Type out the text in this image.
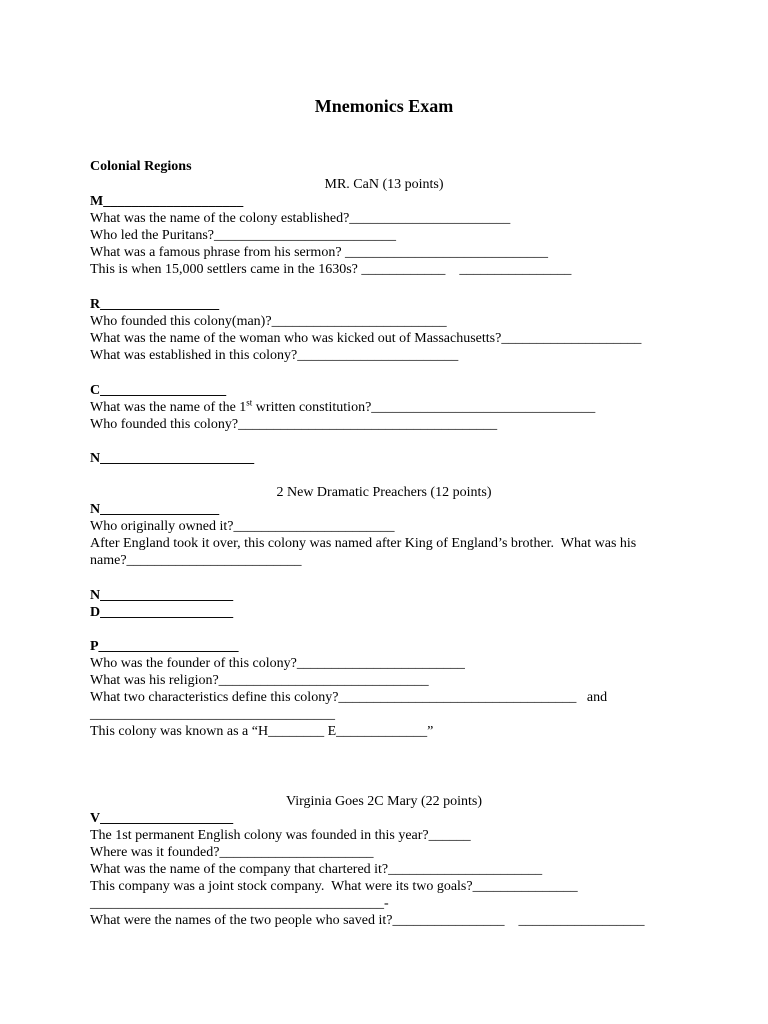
Mnemonics Exam

Colonial Regions

MR. CaN (13 points)

M____________________

What was the name of the colony established?_______________________

Who led the Puritans?__________________________

What was a famous phrase from his sermon? _____________________________

This is when 15,000 settlers came in the 1630s? ____________    ________________

R_________________

Who founded this colony(man)?_________________________

What was the name of the woman who was kicked out of Massachusetts?____________________

What was established in this colony?_______________________

C__________________

What was the name of the 1st written constitution?________________________________

Who founded this colony?_____________________________________

N______________________

2 New Dramatic Preachers (12 points)

N_________________

Who originally owned it?_______________________

After England took it over, this colony was named after King of England’s brother.  What was his

name?_________________________

N___________________

D___________________

P____________________

Who was the founder of this colony?________________________

What was his religion?______________________________

What two characteristics define this colony?__________________________________   and

___________________________________

This colony was known as a “H________ E_____________”

Virginia Goes 2C Mary (22 points)

V___________________

The 1st permanent English colony was founded in this year?______

Where was it founded?______________________

What was the name of the company that chartered it?______________________

This company was a joint stock company.  What were its two goals?_______________

__________________________________________-

What were the names of the two people who saved it?________________    __________________
